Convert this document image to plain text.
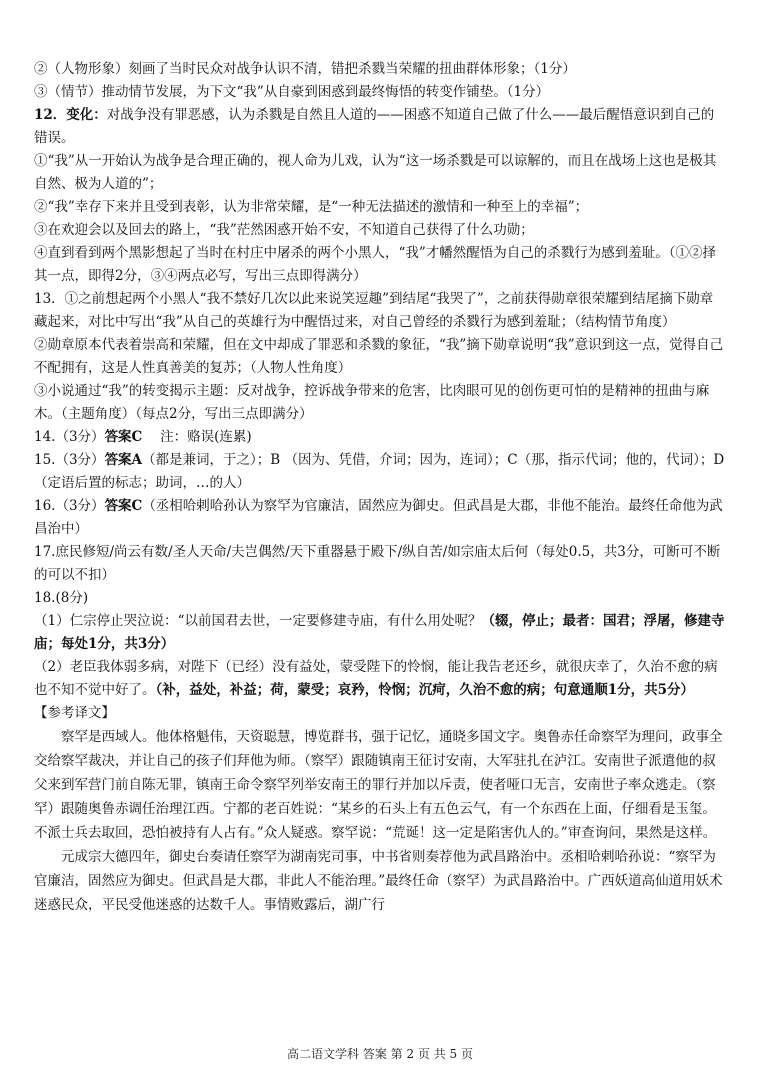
②（人物形象）刻画了当时民众对战争认识不清，错把杀戮当荣耀的扭曲群体形象；（1分）

③（情节）推动情节发展，为下文“我”从自豪到困惑到最终悔悟的转变作铺垫。（1分）

12．变化：对战争没有罪恶感，认为杀戮是自然且人道的——困惑不知道自己做了什么——最后醒悟意识到自己的错误。

①“我”从一开始认为战争是合理正确的，视人命为儿戏，认为“这一场杀戮是可以谅解的，而且在战场上这也是极其自然、极为人道的”；

②“我”幸存下来并且受到表彰，认为非常荣耀，是“一种无法描述的激情和一种至上的幸福”；

③在欢迎会以及回去的路上，“我”茫然困惑开始不安，不知道自己获得了什么功勋；

④直到看到两个黑影想起了当时在村庄中屠杀的两个小黑人，“我”才幡然醒悟为自己的杀戮行为感到羞耻。（①②择其一点，即得2分，③④两点必写，写出三点即得满分）

13．①之前想起两个小黑人“我不禁好几次以此来说笑逗趣”到结尾“我哭了”，之前获得勋章很荣耀到结尾摘下勋章藏起来，对比中写出“我”从自己的英雄行为中醒悟过来，对自己曾经的杀戮行为感到羞耻；（结构情节角度）

②勋章原本代表着崇高和荣耀，但在文中却成了罪恶和杀戮的象征，“我”摘下勋章说明“我”意识到这一点，觉得自己不配拥有，这是人性真善美的复苏；（人物人性角度）

③小说通过“我”的转变揭示主题：反对战争，控诉战争带来的危害，比肉眼可见的创伤更可怕的是精神的扭曲与麻木。（主题角度）（每点2分，写出三点即满分）

14.（3分）答案C　 注：赂误(连累)

15.（3分）答案A（都是兼词，于之）；B （因为、凭借，介词；因为，连词）；C（那，指示代词；他的，代词）；D（定语后置的标志；助词，…的人）

16.（3分）答案C（丞相哈剌哈孙认为察罕为官廉洁，固然应为御史。但武昌是大郡，非他不能治。最终任命他为武昌治中）

17.庶民修短/尚云有数/圣人天命/夫岂偶然/天下重器悬于殿下/纵自苦/如宗庙太后何（每处0.5，共3分，可断可不断的可以不扣）

18.(8分)

（1）仁宗停止哭泣说：“以前国君去世，一定要修建寺庙，有什么用处呢？（辍，停止；最者：国君；浮屠，修建寺庙；每处1分，共3分）

（2）老臣我体弱多病，对陛下（已经）没有益处，蒙受陛下的怜悯，能让我告老还乡，就很庆幸了，久治不愈的病也不知不觉中好了。（补，益处，补益；荷，蒙受；哀矜，怜悯；沉疴，久治不愈的病；句意通顺1分，共5分）

【参考译文】

察罕是西域人。他体格魁伟，天资聪慧，博览群书，强于记忆，通晓多国文字。奥鲁赤任命察罕为理问，政事全交给察罕裁决，并让自己的孩子们拜他为师。（察罕）跟随镇南王征讨安南，大军驻扎在泸江。安南世子派遣他的叔父来到军营门前自陈无罪，镇南王命令察罕列举安南王的罪行并加以斥责，使者哑口无言，安南世子率众逃走。（察罕）跟随奥鲁赤调任治理江西。宁都的老百姓说：“某乡的石头上有五色云气，有一个东西在上面，仔细看是玉玺。不派士兵去取回，恐怕被持有人占有。”众人疑惑。察罕说：“荒诞！这一定是陷害仇人的。”审查询问，果然是这样。

元成宗大德四年，御史台奏请任察罕为湖南宪司事，中书省则奏荐他为武昌路治中。丞相哈剌哈孙说：“察罕为官廉洁，固然应为御史。但武昌是大郡，非此人不能治理。”最终任命（察罕）为武昌路治中。广西妖道高仙道用妖术迷惑民众，平民受他迷惑的达数千人。事情败露后，湖广行

高二语文学科 答案 第 2 页 共 5 页
